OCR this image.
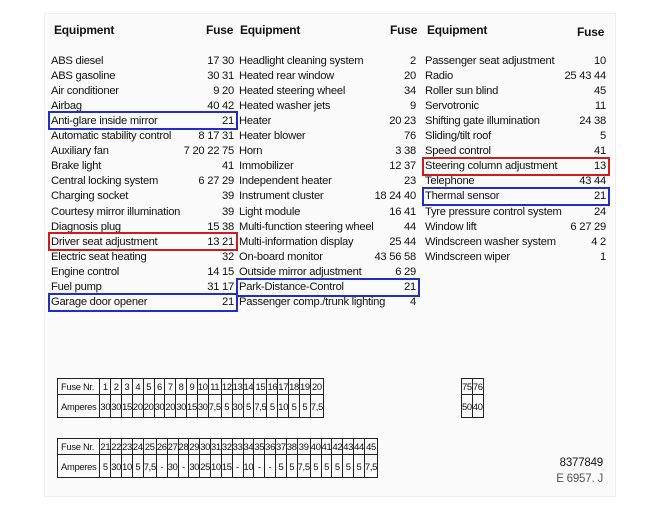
Equipment	Fuse Equipment	Fuse Equipment	Fuse
ABS diesel	17 30
ABS gasoline	30 31
Air conditioner	9 20
Airbag	40 42
Anti-glare inside mirror	21
Automatic stability control 8 17 31
Auxiliary fan	7 20 22 75
Brake light	41
Central locking system	6 27 29
Charging socket	39
Courtesy mirror illumination	39
Diagnosis plug	15 38
Driver seat adjustment	13 21
Electric seat heating	32
Engine control	14 15
Fuel pump	31 17
Garage door opener	21
Headlight cleaning system	2
Heated rear window	20
Heated steering wheel	34
Heated washer jets	9
Heater	20 23
Heater blower	76
Horn	3 38
Immobilizer	12 37
Independent heater	23
Instrument cluster	18 24 40
Light module	16 41
Multi-function steering wheel	44
Multi-information display	25 44
On-board monitor	43 56 58
Outside mirror adjustment	6 29
Park-Distance-Control	21
Passenger comp./trunk lighting 4
Passenger seat adjustment	10
Radio	25 43 44
Roller sun blind	45
Servotronic	11
Shifting gate illumination	24 38
Sliding/tilt roof	5
Speed control	41
Steering column adjustment	13
Telephone	43 44
Thermal sensor	21
Tyre pressure control system	24
Window lift	6 27 29
Windscreen washer system	4 2
Windscreen wiper	1
Fuse Nr.	1	2	3	4	5	6	7	8	9	10	11	12	13	14	15	16	17	18	19	20
Amperes	30	30	15	20	20	30	20	30	15	30	7,5	5	30	5	7,5	5	10	5	5	7,5
75	76
50	40
Fuse Nr.	21	22	23	24	25	26	27	28	29	30	31	32	33	34	35	36	37	38	39	40	41	42	43	44	45
Amperes	5	30	10	5	7,5	-	30	-	30	25	10	15	-	10	-	-	5	5	7,5	5	5	5	5	5	7,5	8377849
E 6957. J
